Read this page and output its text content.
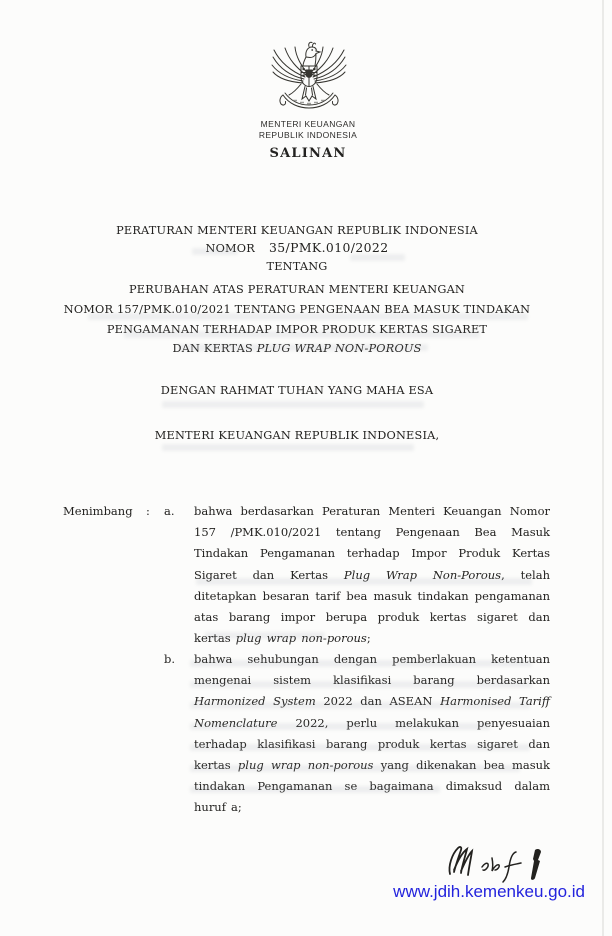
MENTERI KEUANGAN
REPUBLIK INDONESIA
SALINAN
PERATURAN MENTERI KEUANGAN REPUBLIK INDONESIA
NOMOR 35/PMK.010/2022
TENTANG
PERUBAHAN ATAS PERATURAN MENTERI KEUANGAN
NOMOR 157/PMK.010/2021 TENTANG PENGENAAN BEA MASUK TINDAKAN
PENGAMANAN TERHADAP IMPOR PRODUK KERTAS SIGARET
DAN KERTAS PLUG WRAP NON-POROUS
DENGAN RAHMAT TUHAN YANG MAHA ESA
MENTERI KEUANGAN REPUBLIK INDONESIA,
Menimbang : a. bahwa berdasarkan Peraturan Menteri Keuangan Nomor 157 /PMK.010/2021 tentang Pengenaan Bea Masuk Tindakan Pengamanan terhadap Impor Produk Kertas Sigaret dan Kertas Plug Wrap Non-Porous, telah ditetapkan besaran tarif bea masuk tindakan pengamanan atas barang impor berupa produk kertas sigaret dan kertas plug wrap non-porous;
b. bahwa sehubungan dengan pemberlakuan ketentuan mengenai sistem klasifikasi barang berdasarkan Harmonized System 2022 dan ASEAN Harmonised Tariff Nomenclature 2022, perlu melakukan penyesuaian terhadap klasifikasi barang produk kertas sigaret dan kertas plug wrap non-porous yang dikenakan bea masuk tindakan Pengamanan se bagaimana dimaksud dalam huruf a;
www.jdih.kemenkeu.go.id
